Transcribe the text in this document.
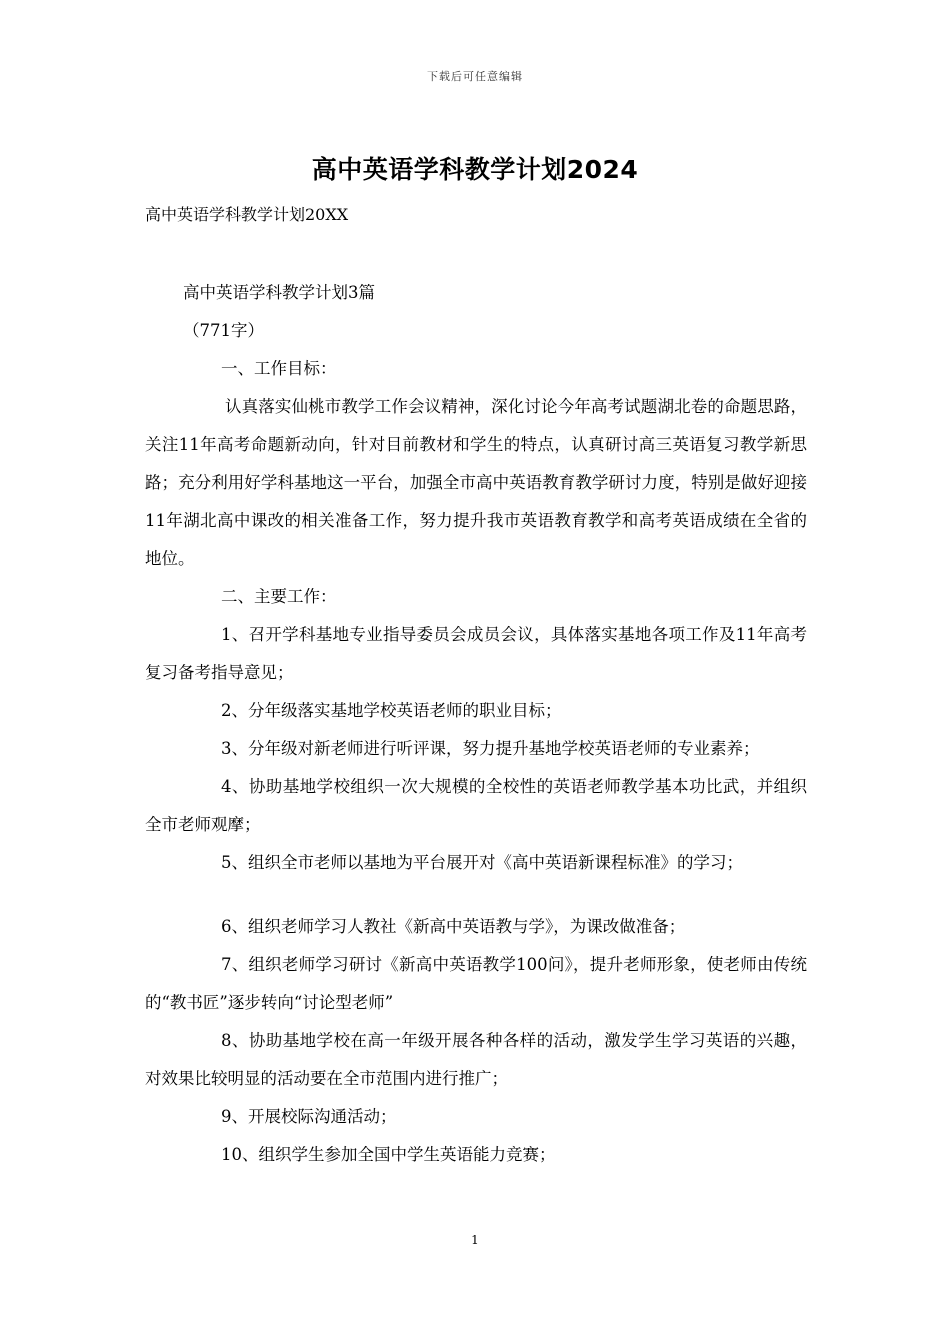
下载后可任意编辑
高中英语学科教学计划2024
高中英语学科教学计划20XX

高中英语学科教学计划3篇

（771字）

一、工作目标：

认真落实仙桃市教学工作会议精神，深化讨论今年高考试题湖北卷的命题思路，关注11年高考命题新动向，针对目前教材和学生的特点，认真研讨高三英语复习教学新思路；充分利用好学科基地这一平台，加强全市高中英语教育教学研讨力度，特别是做好迎接11年湖北高中课改的相关准备工作，努力提升我市英语教育教学和高考英语成绩在全省的地位。

二、主要工作：

1、召开学科基地专业指导委员会成员会议，具体落实基地各项工作及11年高考复习备考指导意见；

2、分年级落实基地学校英语老师的职业目标；

3、分年级对新老师进行听评课，努力提升基地学校英语老师的专业素养；

4、协助基地学校组织一次大规模的全校性的英语老师教学基本功比武，并组织全市老师观摩；

5、组织全市老师以基地为平台展开对《高中英语新课程标准》的学习；

6、组织老师学习人教社《新高中英语教与学》，为课改做准备；

7、组织老师学习研讨《新高中英语教学100问》，提升老师形象，使老师由传统的“教书匠”逐步转向“讨论型老师”

8、协助基地学校在高一年级开展各种各样的活动，激发学生学习英语的兴趣，对效果比较明显的活动要在全市范围内进行推广；

9、开展校际沟通活动；

10、组织学生参加全国中学生英语能力竞赛；

1
